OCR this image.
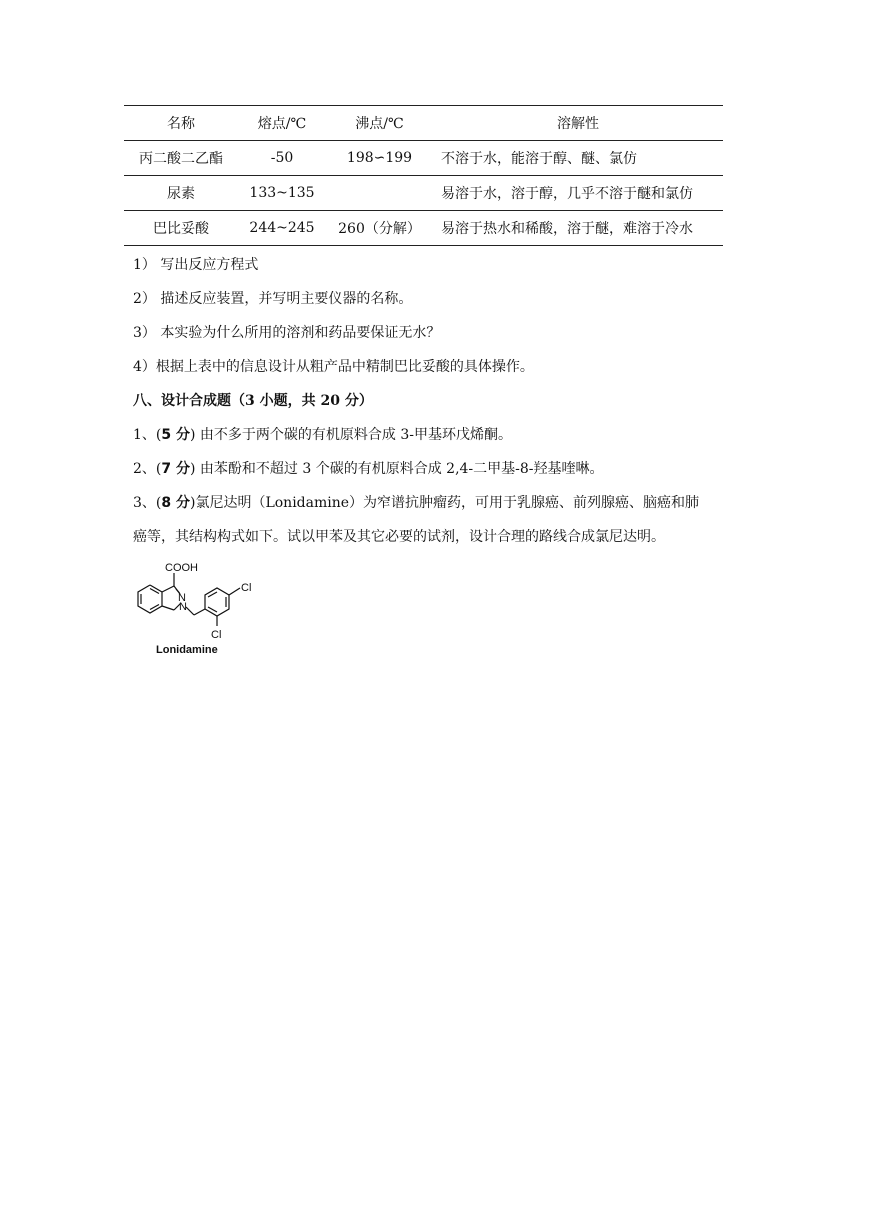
名称	熔点/℃	沸点/℃	溶解性
丙二酸二乙酯	-50	198∽199	不溶于水，能溶于醇、醚、氯仿
尿素	133~135		易溶于水，溶于醇，几乎不溶于醚和氯仿
巴比妥酸	244~245	260（分解）	易溶于热水和稀酸，溶于醚，难溶于冷水
1） 写出反应方程式
2） 描述反应装置，并写明主要仪器的名称。
3） 本实验为什么所用的溶剂和药品要保证无水？
4）根据上表中的信息设计从粗产品中精制巴比妥酸的具体操作。
八、设计合成题（3 小题，共 20 分）
1、(5 分) 由不多于两个碳的有机原料合成 3-甲基环戊烯酮。
2、(7 分) 由苯酚和不超过 3 个碳的有机原料合成 2,4-二甲基-8-羟基喹啉。
3、(8 分)氯尼达明（Lonidamine）为窄谱抗肿瘤药，可用于乳腺癌、前列腺癌、脑癌和肺
癌等，其结构构式如下。试以甲苯及其它必要的试剂，设计合理的路线合成氯尼达明。
COOH
N
N
Cl
Cl
Lonidamine
